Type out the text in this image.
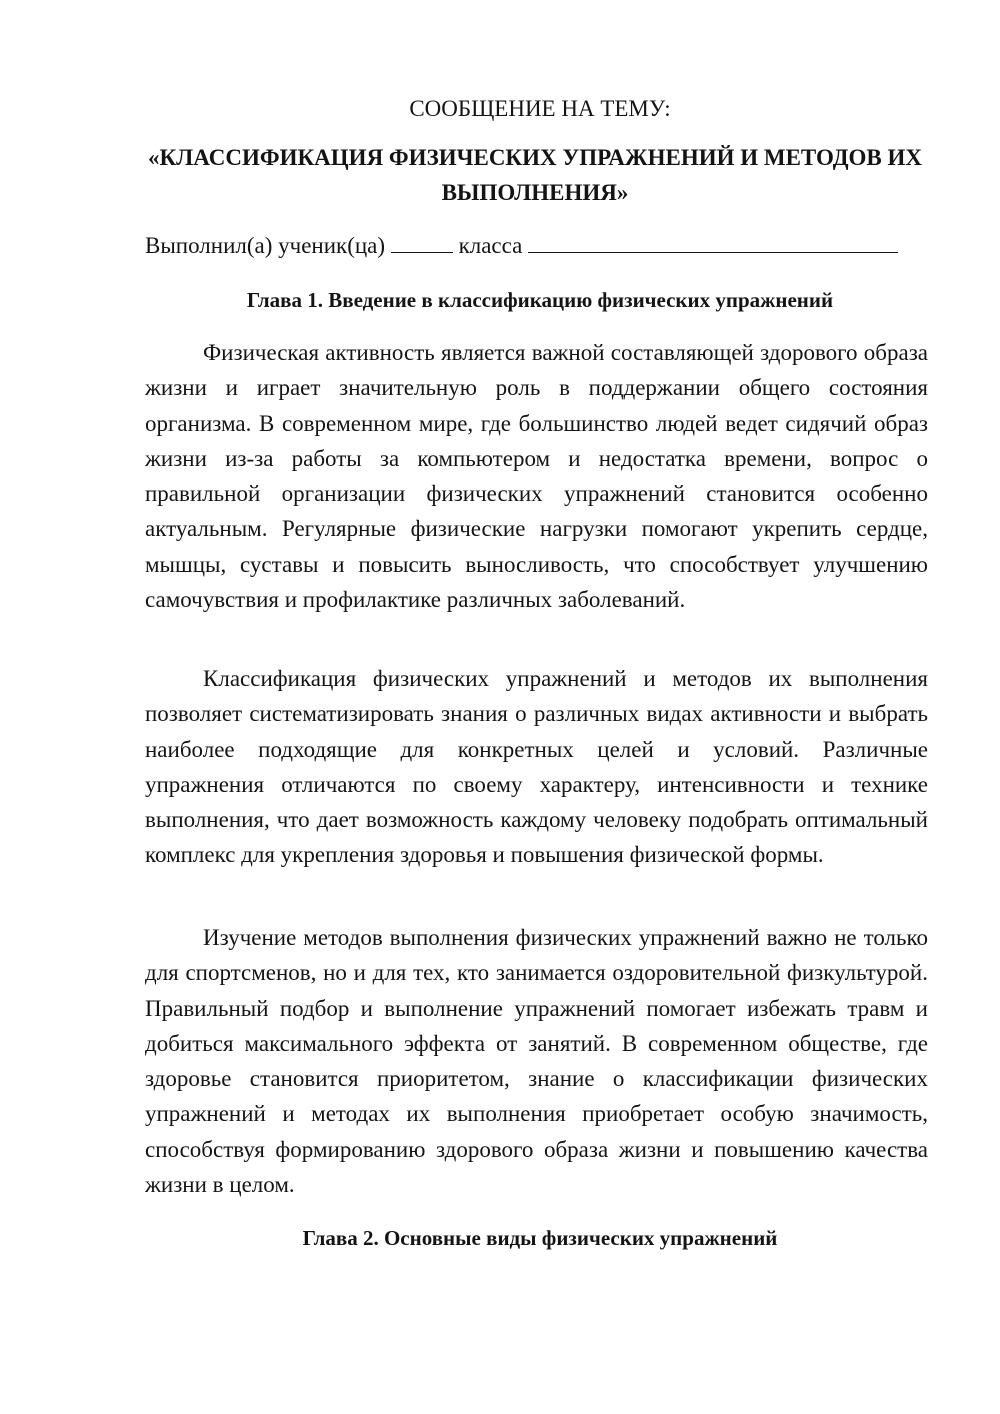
СООБЩЕНИЕ НА ТЕМУ:
«КЛАССИФИКАЦИЯ ФИЗИЧЕСКИХ УПРАЖНЕНИЙ И МЕТОДОВ ИХ ВЫПОЛНЕНИЯ»
Выполнил(а) ученик(ца)	класса
Глава 1. Введение в классификацию физических упражнений

Физическая активность является важной составляющей здорового образа жизни и играет значительную роль в поддержании общего состояния организма. В современном мире, где большинство людей ведет сидячий образ жизни из-за работы за компьютером и недостатка времени, вопрос о правильной организации физических упражнений становится особенно актуальным. Регулярные физические нагрузки помогают укрепить сердце, мышцы, суставы и повысить выносливость, что способствует улучшению самочувствия и профилактике различных заболеваний.

Классификация физических упражнений и методов их выполнения позволяет систематизировать знания о различных видах активности и выбрать наиболее подходящие для конкретных целей и условий. Различные упражнения отличаются по своему характеру, интенсивности и технике выполнения, что дает возможность каждому человеку подобрать оптимальный комплекс для укрепления здоровья и повышения физической формы.

Изучение методов выполнения физических упражнений важно не только для спортсменов, но и для тех, кто занимается оздоровительной физкультурой. Правильный подбор и выполнение упражнений помогает избежать травм и добиться максимального эффекта от занятий. В современном обществе, где здоровье становится приоритетом, знание о классификации физических упражнений и методах их выполнения приобретает особую значимость, способствуя формированию здорового образа жизни и повышению качества жизни в целом.

Глава 2. Основные виды физических упражнений
